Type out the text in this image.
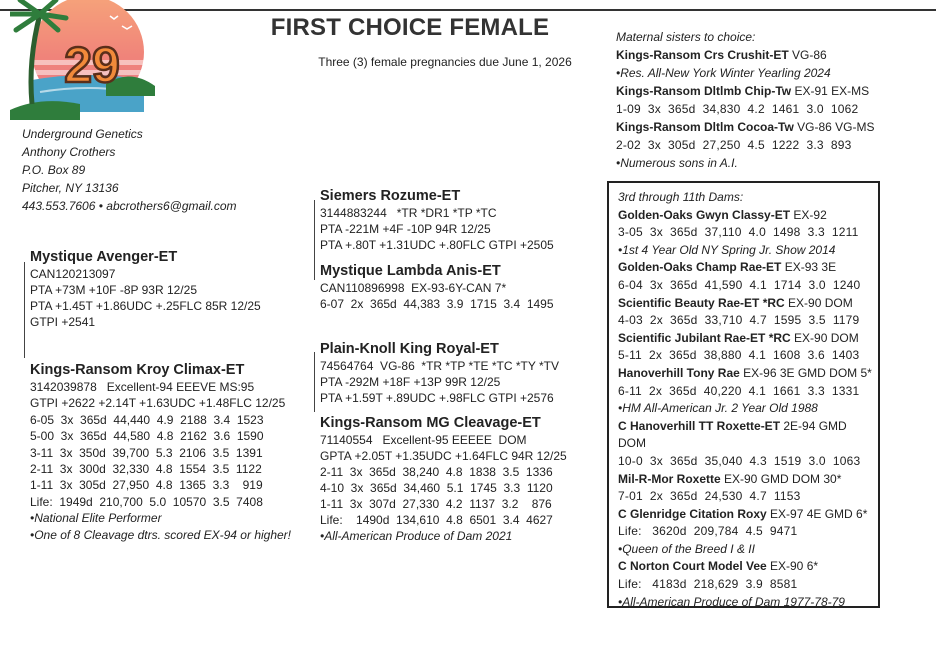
29
FIRST CHOICE FEMALE
Three (3) female pregnancies due June 1, 2026
Underground Genetics
Anthony Crothers
P.O. Box 89
Pitcher, NY 13136
443.553.7606 • abcrothers6@gmail.com
Mystique Avenger-ET
CAN120213097
PTA +73M +10F -8P 93R 12/25
PTA +1.45T +1.86UDC +.25FLC 85R 12/25
GTPI +2541
Kings-Ransom Kroy Climax-ET
3142039878   Excellent-94 EEEVE MS:95
GTPI +2622 +2.14T +1.63UDC +1.48FLC 12/25
6-05  3x  365d  44,440  4.9  2188  3.4  1523
5-00  3x  365d  44,580  4.8  2162  3.6  1590
3-11  3x  350d  39,700  5.3  2106  3.5  1391
2-11  3x  300d  32,330  4.8  1554  3.5  1122
1-11  3x  305d  27,950  4.8  1365  3.3    919
Life:  1949d  210,700  5.0  10570  3.5  7408
•National Elite Performer
•One of 8 Cleavage dtrs. scored EX-94 or higher!
Siemers Rozume-ET
3144883244   *TR *DR1 *TP *TC
PTA -221M +4F -10P 94R 12/25
PTA +.80T +1.31UDC +.80FLC GTPI +2505
Mystique Lambda Anis-ET
CAN110896998  EX-93-6Y-CAN 7*
6-07  2x  365d  44,383  3.9  1715  3.4  1495
Plain-Knoll King Royal-ET
74564764  VG-86  *TR *TP *TE *TC *TY *TV
PTA -292M +18F +13P 99R 12/25
PTA +1.59T +.89UDC +.98FLC GTPI +2576
Kings-Ransom MG Cleavage-ET
71140554   Excellent-95 EEEEE  DOM
GPTA +2.05T +1.35UDC +1.64FLC 94R 12/25
2-11  3x  365d  38,240  4.8  1838  3.5  1336
4-10  3x  365d  34,460  5.1  1745  3.3  1120
1-11  3x  307d  27,330  4.2  1137  3.2    876
Life:    1490d  134,610  4.8  6501  3.4  4627
•All-American Produce of Dam 2021
Maternal sisters to choice:
Kings-Ransom Crs Crushit-ET VG-86
•Res. All-New York Winter Yearling 2024
Kings-Ransom Dltlmb Chip-Tw EX-91 EX-MS
1-09  3x  365d  34,830  4.2  1461  3.0  1062
Kings-Ransom Dltlm Cocoa-Tw VG-86 VG-MS
2-02  3x  305d  27,250  4.5  1222  3.3  893
•Numerous sons in A.I.
3rd through 11th Dams:
Golden-Oaks Gwyn Classy-ET EX-92
3-05  3x  365d  37,110  4.0  1498  3.3  1211
•1st 4 Year Old NY Spring Jr. Show 2014
Golden-Oaks Champ Rae-ET EX-93 3E
6-04  3x  365d  41,590  4.1  1714  3.0  1240
Scientific Beauty Rae-ET *RC EX-90 DOM
4-03  2x  365d  33,710  4.7  1595  3.5  1179
Scientific Jubilant Rae-ET *RC EX-90 DOM
5-11  2x  365d  38,880  4.1  1608  3.6  1403
Hanoverhill Tony Rae EX-96 3E GMD DOM 5*
6-11  2x  365d  40,220  4.1  1661  3.3  1331
•HM All-American Jr. 2 Year Old 1988
C Hanoverhill TT Roxette-ET 2E-94 GMD DOM
10-0  3x  365d  35,040  4.3  1519  3.0  1063
Mil-R-Mor Roxette EX-90 GMD DOM 30*
7-01  2x  365d  24,530  4.7  1153
C Glenridge Citation Roxy EX-97 4E GMD 6*
Life:   3620d  209,784  4.5  9471
•Queen of the Breed I & II
C Norton Court Model Vee EX-90 6*
Life:   4183d  218,629  3.9  8581
•All-American Produce of Dam 1977-78-79
